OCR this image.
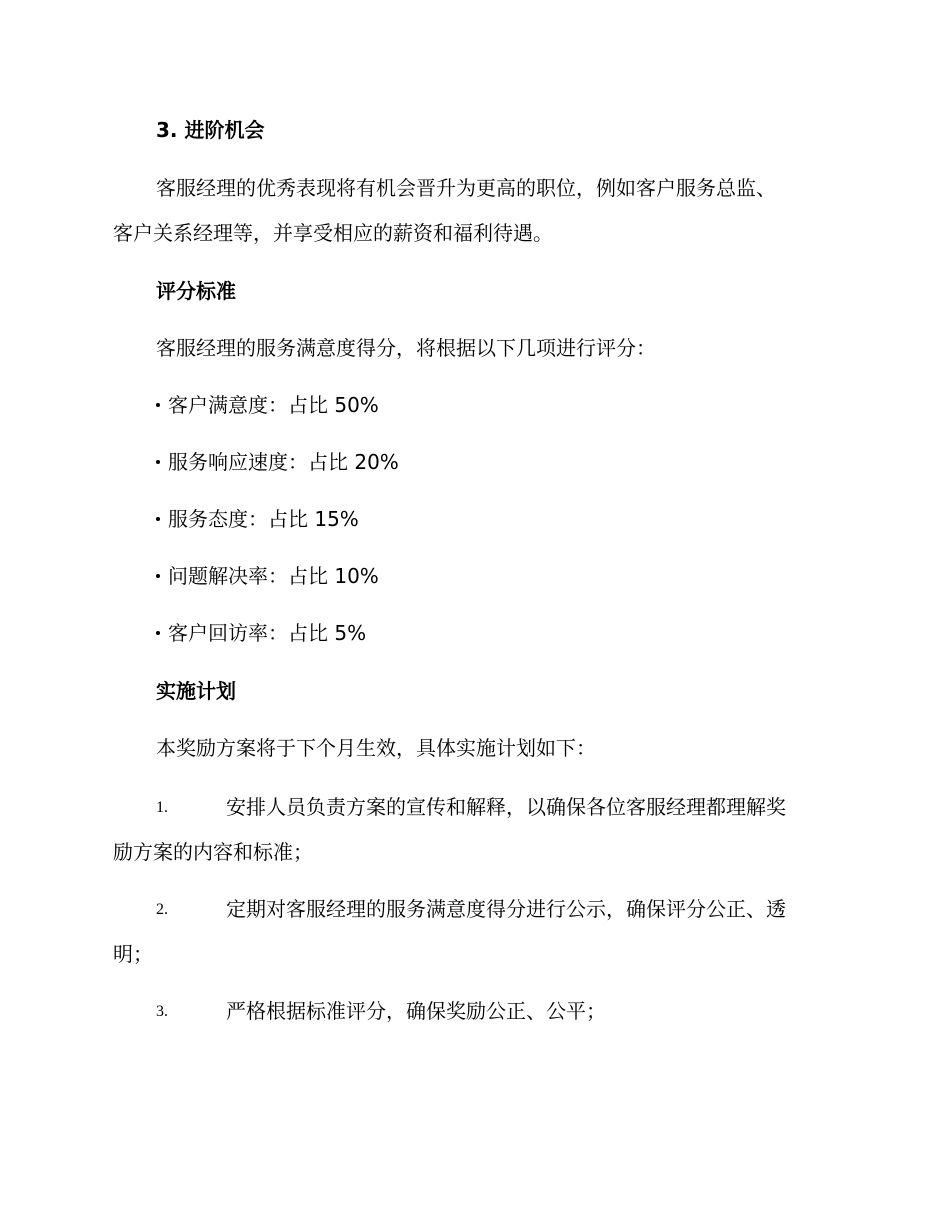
3. 进阶机会
客服经理的优秀表现将有机会晋升为更高的职位，例如客户服务总监、
客户关系经理等，并享受相应的薪资和福利待遇。
评分标准
客服经理的服务满意度得分，将根据以下几项进行评分：
客户满意度：占比 50%
服务响应速度：占比 20%
服务态度：占比 15%
问题解决率：占比 10%
客户回访率：占比 5%
实施计划
本奖励方案将于下个月生效，具体实施计划如下：
1.	安排人员负责方案的宣传和解释，以确保各位客服经理都理解奖
励方案的内容和标准；
2.	定期对客服经理的服务满意度得分进行公示，确保评分公正、透
明；
3.	严格根据标准评分，确保奖励公正、公平；
